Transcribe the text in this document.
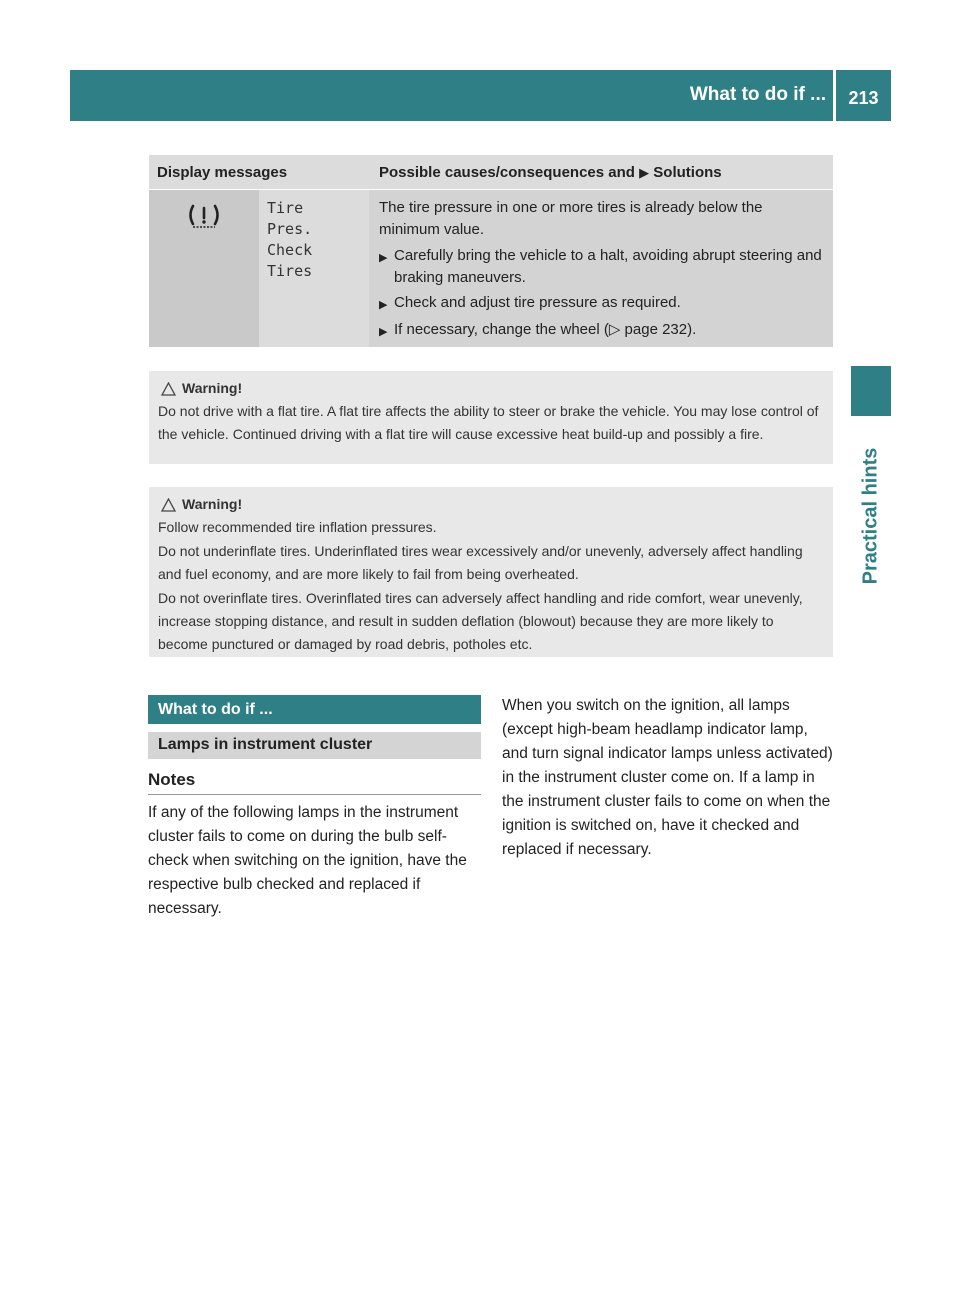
What to do if ...	213
Practical hints
Display messages	Possible causes/consequences and ▶ Solutions
Tire
Pres.
Check
Tires

The tire pressure in one or more tires is already below the minimum value.

▶ Carefully bring the vehicle to a halt, avoiding abrupt steering and braking maneuvers.
▶ Check and adjust tire pressure as required.
▶ If necessary, change the wheel (▷ page 232).
Warning!

Do not drive with a flat tire. A flat tire affects the ability to steer or brake the vehicle. You may lose control of the vehicle. Continued driving with a flat tire will cause excessive heat build-up and possibly a fire.

Warning!

Follow recommended tire inflation pressures.

Do not underinflate tires. Underinflated tires wear excessively and/or unevenly, adversely affect handling and fuel economy, and are more likely to fail from being overheated.

Do not overinflate tires. Overinflated tires can adversely affect handling and ride comfort, wear unevenly, increase stopping distance, and result in sudden deflation (blowout) because they are more likely to become punctured or damaged by road debris, potholes etc.

What to do if ...
Lamps in instrument cluster
Notes

If any of the following lamps in the instrument cluster fails to come on during the bulb self-check when switching on the ignition, have the respective bulb checked and replaced if necessary.

When you switch on the ignition, all lamps (except high-beam headlamp indicator lamp, and turn signal indicator lamps unless activated) in the instrument cluster come on. If a lamp in the instrument cluster fails to come on when the ignition is switched on, have it checked and replaced if necessary.
